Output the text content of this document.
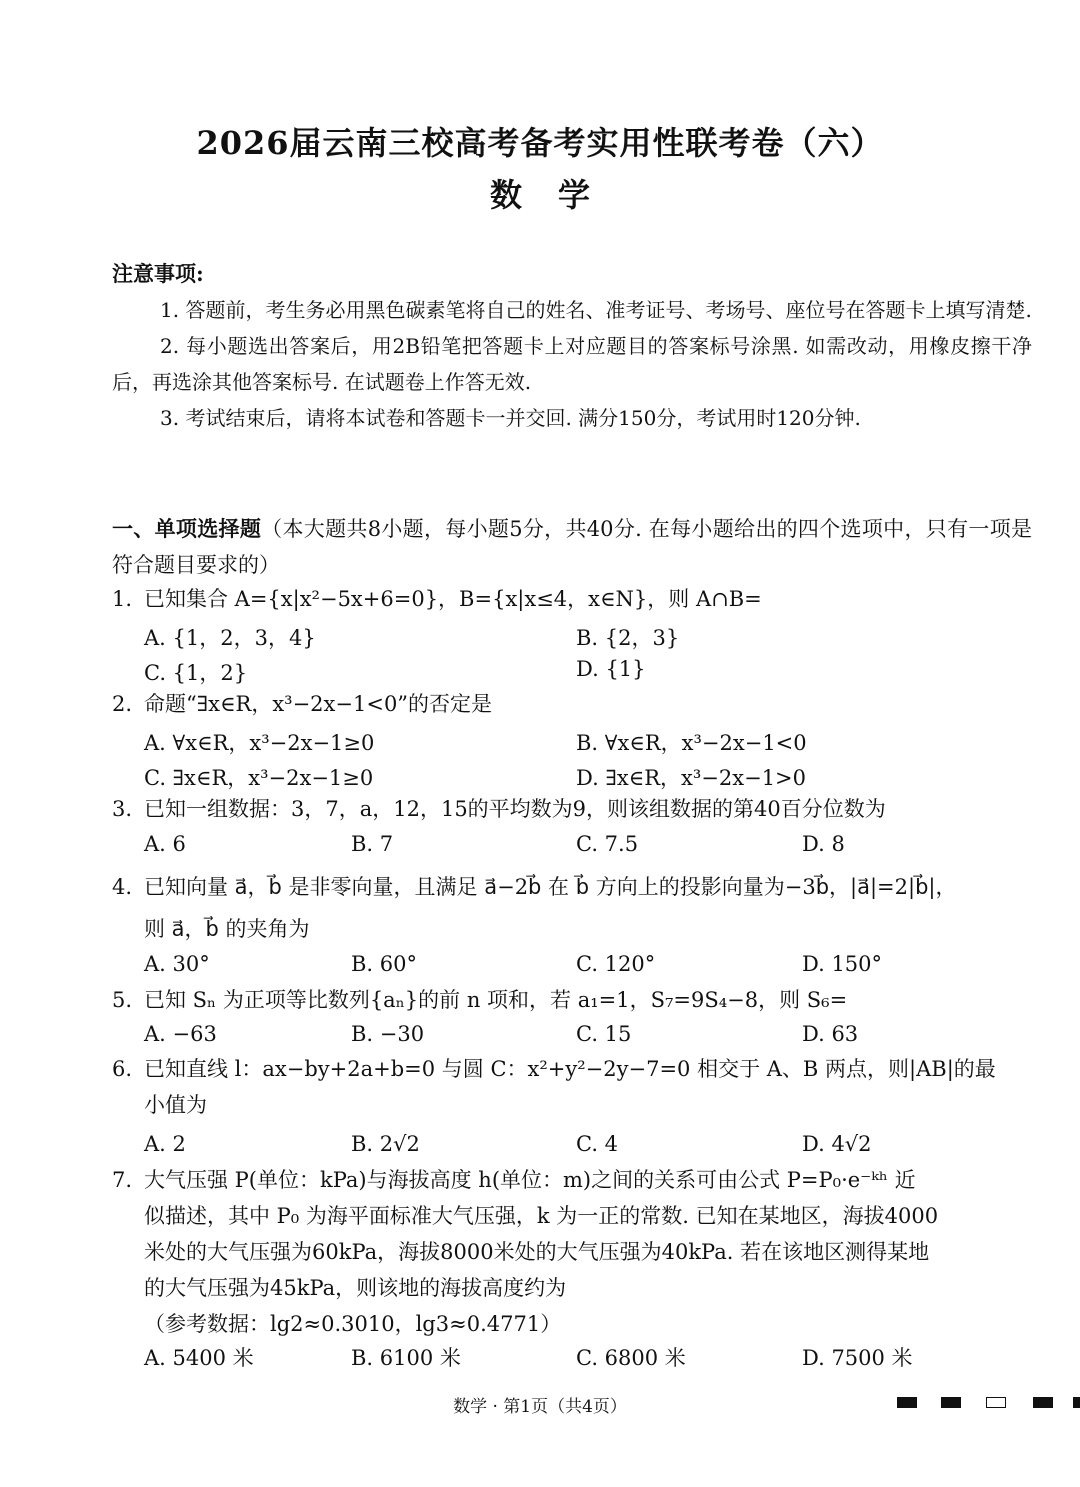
2026届云南三校高考备考实用性联考卷（六）
数学
注意事项:

1. 答题前，考生务必用黑色碳素笔将自己的姓名、准考证号、考场号、座位号在答题卡上填写清楚.

2. 每小题选出答案后，用2B铅笔把答题卡上对应题目的答案标号涂黑. 如需改动，用橡皮擦干净后，再选涂其他答案标号. 在试题卷上作答无效.

3. 考试结束后，请将本试卷和答题卡一并交回. 满分150分，考试用时120分钟.

一、单项选择题（本大题共8小题，每小题5分，共40分. 在每小题给出的四个选项中，只有一项是符合题目要求的）
1. 已知集合 A={x|x²−5x+6=0}，B={x|x≤4，x∈N}，则 A∩B=
A. {1，2，3，4}	B. {2，3}
C. {1，2}	D. {1}
2. 命题“∃x∈R，x³−2x−1<0”的否定是
A. ∀x∈R，x³−2x−1≥0	B. ∀x∈R，x³−2x−1<0
C. ∃x∈R，x³−2x−1≥0	D. ∃x∈R，x³−2x−1>0
3. 已知一组数据：3，7，a，12，15的平均数为9，则该组数据的第40百分位数为
A. 6	B. 7	C. 7.5	D. 8
4. 已知向量 a⃗，b⃗ 是非零向量，且满足 a⃗−2b⃗ 在 b⃗ 方向上的投影向量为−3b⃗，|a⃗|=2|b⃗|，
则 a⃗，b⃗ 的夹角为
A. 30°	B. 60°	C. 120°	D. 150°
5. 已知 Sₙ 为正项等比数列{aₙ}的前 n 项和，若 a₁=1，S₇=9S₄−8，则 S₆=
A. −63	B. −30	C. 15	D. 63
6. 已知直线 l：ax−by+2a+b=0 与圆 C：x²+y²−2y−7=0 相交于 A、B 两点，则|AB|的最
小值为
A. 2	B. 2√2	C. 4	D. 4√2
7. 大气压强 P(单位：kPa)与海拔高度 h(单位：m)之间的关系可由公式 P=P₀·e⁻ᵏʰ 近
似描述，其中 P₀ 为海平面标准大气压强，k 为一正的常数. 已知在某地区，海拔4000
米处的大气压强为60kPa，海拔8000米处的大气压强为40kPa. 若在该地区测得某地
的大气压强为45kPa，则该地的海拔高度约为
（参考数据：lg2≈0.3010，lg3≈0.4771）
A. 5400 米	B. 6100 米	C. 6800 米	D. 7500 米
数学 · 第1页（共4页）
